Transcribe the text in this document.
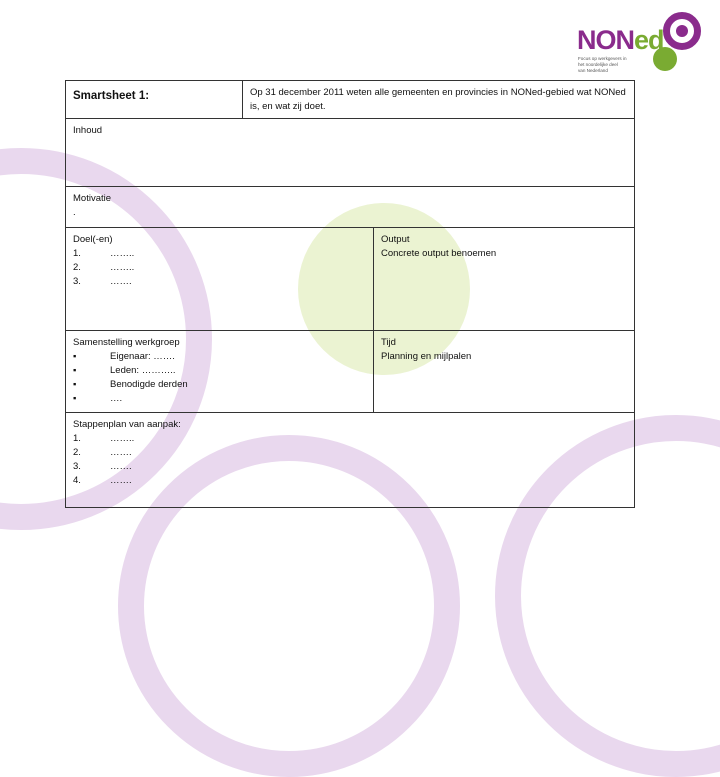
NONed
Focus op werkgevers in
het noordelijke deel
van Nederland
Smartsheet 1:	Op 31 december 2011 weten alle gemeenten en provincies in NONed-gebied wat NONed is, en wat zij doet.
Inhoud
Motivatie
.
Doel(-en)
1.	……..
2.	……..
3.	…….
Output
Concrete output benoemen
Samenstelling werkgroep
▪	Eigenaar: …….
▪	Leden: ………..
▪	Benodigde derden
▪	….
Tijd
Planning en mijlpalen
Stappenplan van aanpak:
1.	……..
2.	…….
3.	…….
4.	…….
